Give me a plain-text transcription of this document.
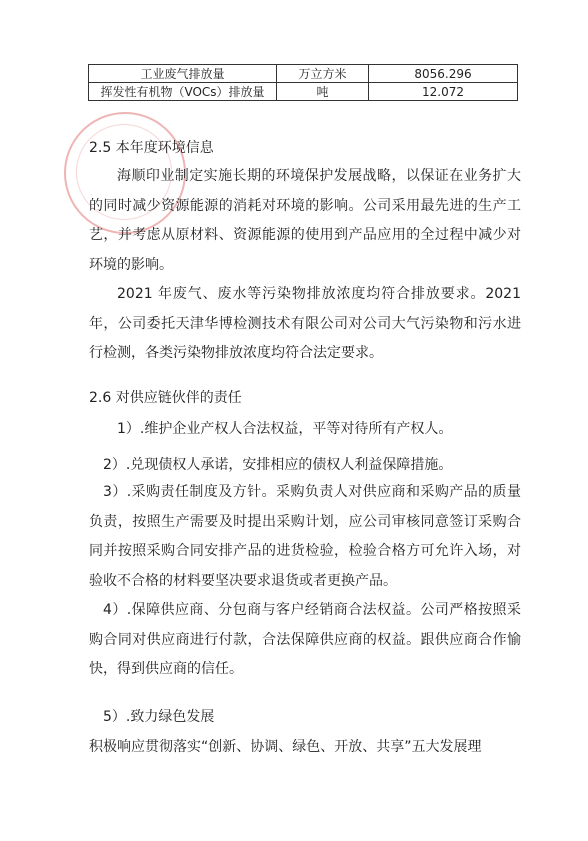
工业废气排放量	万立方米	8056.296
挥发性有机物（VOCs）排放量	吨	12.072
2.5 本年度环境信息

海顺印业制定实施长期的环境保护发展战略，以保证在业务扩大的同时减少资源能源的消耗对环境的影响。公司采用最先进的生产工艺，并考虑从原材料、资源能源的使用到产品应用的全过程中减少对环境的影响。

2021 年废气、废水等污染物排放浓度均符合排放要求。2021 年，公司委托天津华博检测技术有限公司对公司大气污染物和污水进行检测，各类污染物排放浓度均符合法定要求。

2.6 对供应链伙伴的责任
1）.维护企业产权人合法权益，平等对待所有产权人。
2）.兑现债权人承诺，安排相应的债权人利益保障措施。

3）.采购责任制度及方针。采购负责人对供应商和采购产品的质量负责，按照生产需要及时提出采购计划，应公司审核同意签订采购合同并按照采购合同安排产品的进货检验，检验合格方可允许入场，对验收不合格的材料要坚决要求退货或者更换产品。

4）.保障供应商、分包商与客户经销商合法权益。公司严格按照采购合同对供应商进行付款，合法保障供应商的权益。跟供应商合作愉快，得到供应商的信任。

5）.致力绿色发展
积极响应贯彻落实“创新、协调、绿色、开放、共享”五大发展理
